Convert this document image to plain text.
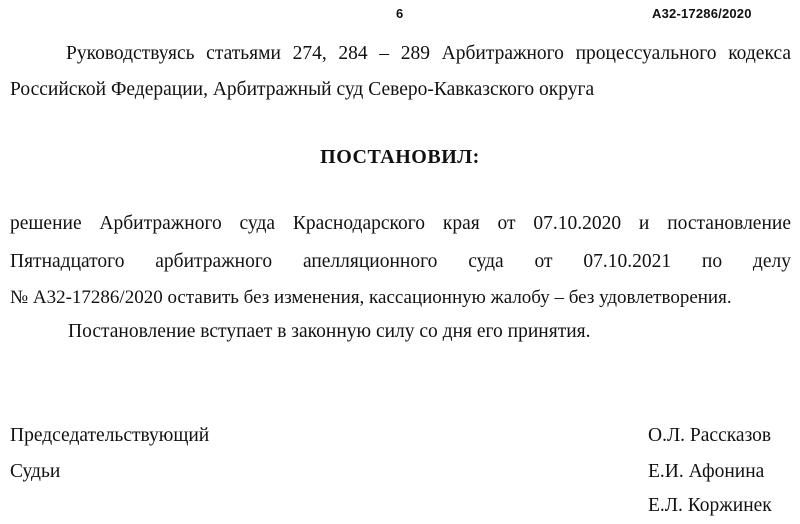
6	А32-17286/2020
Руководствуясь статьями 274, 284 – 289 Арбитражного процессуального кодекса
Российской Федерации, Арбитражный суд Северо-Кавказского округа
ПОСТАНОВИЛ:
решение Арбитражного суда Краснодарского края от 07.10.2020 и постановление
Пятнадцатого арбитражного апелляционного суда от 07.10.2021 по делу
№ А32-17286/2020 оставить без изменения, кассационную жалобу – без удовлетворения.
Постановление вступает в законную силу со дня его принятия.
Председательствующий
Судьи
О.Л. Рассказов
Е.И. Афонина
Е.Л. Коржинек
